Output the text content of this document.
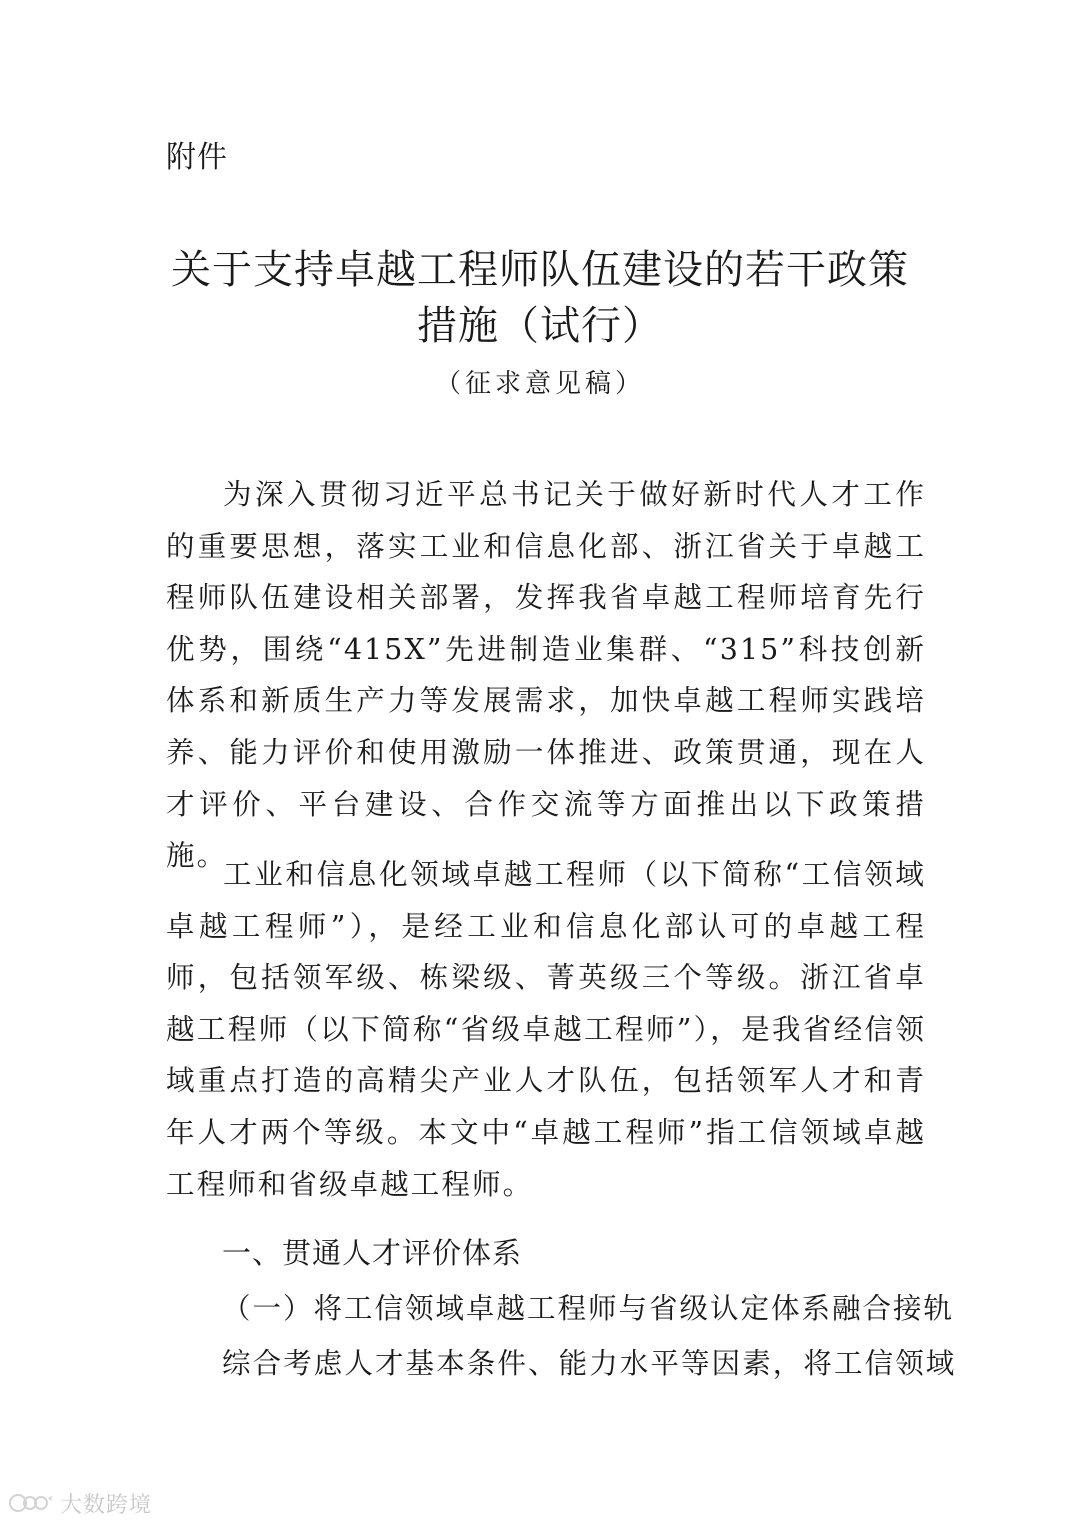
附件
关于支持卓越工程师队伍建设的若干政策
措施（试行）
（征求意见稿）

为深入贯彻习近平总书记关于做好新时代人才工作的重要思想，落实工业和信息化部、浙江省关于卓越工程师队伍建设相关部署，发挥我省卓越工程师培育先行优势，围绕“415X”先进制造业集群、“315”科技创新体系和新质生产力等发展需求，加快卓越工程师实践培养、能力评价和使用激励一体推进、政策贯通，现在人才评价、平台建设、合作交流等方面推出以下政策措施。

工业和信息化领域卓越工程师（以下简称“工信领域卓越工程师”），是经工业和信息化部认可的卓越工程师，包括领军级、栋梁级、菁英级三个等级。浙江省卓越工程师（以下简称“省级卓越工程师”），是我省经信领域重点打造的高精尖产业人才队伍，包括领军人才和青年人才两个等级。本文中“卓越工程师”指工信领域卓越工程师和省级卓越工程师。

一、贯通人才评价体系
（一）将工信领域卓越工程师与省级认定体系融合接轨
综合考虑人才基本条件、能力水平等因素，将工信领域
大数跨境
